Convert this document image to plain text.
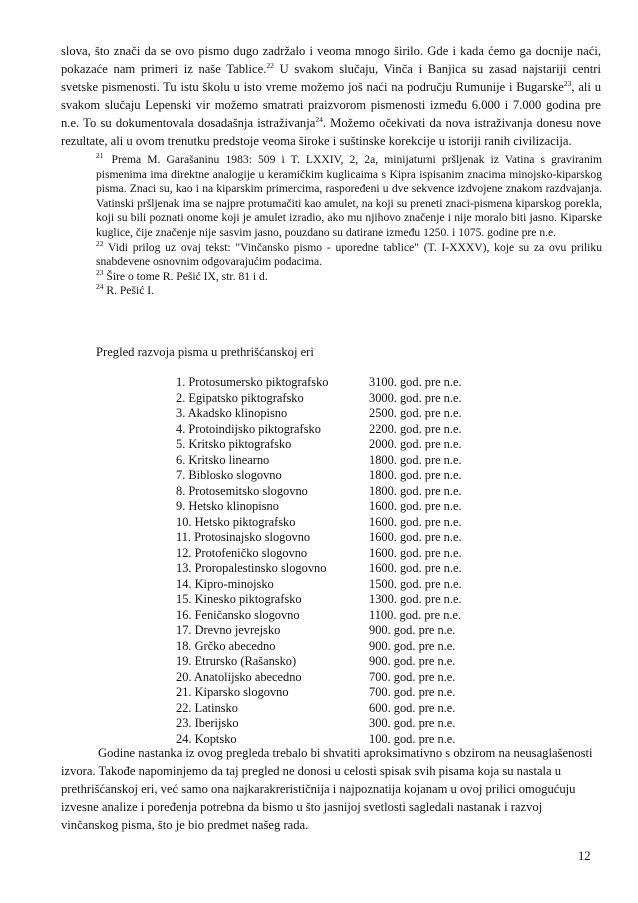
slova, što znači da se ovo pismo dugo zadržalo i veoma mnogo širilo. Gde i kada ćemo ga docnije naći, pokazaće nam primeri iz naše Tablice.$^{22}$ U svakom slučaju, Vinča i Banjica su zasad najstariji centri svetske pismenosti. Tu istu školu u isto vreme možemo još naći na području Rumunije i Bugarske$^{23}$, ali u svakom slučaju Lepenski vir možemo smatrati praizvorom pismenosti između 6.000 i 7.000 godina pre n.e. To su dokumentovala dosadašnja istraživanja$^{24}$. Možemo očekivati da nova istraživanja donesu nove rezultate, ali u ovom trenutku predstoje veoma široke i suštinske korekcije u istoriji ranih civilizacija.

$^{21}$ Prema M. Garašaninu 1983: 509 i T. LXXIV, 2, 2a, minijaturni pršljenak iz Vatina s graviranim pismenima ima direktne analogije u keramičkim kuglicaima s Kipra ispisanim znacima minojsko-kiparskog pisma. Znaci su, kao i na kiparskim primercima, raspoređeni u dve sekvence izdvojene znakom razdvajanja. Vatinski pršljenak ima se najpre protumačiti kao amulet, na koji su preneti znaci-pismena kiparskog porekla, koji su bili poznati onome koji je amulet izradio, ako mu njihovo značenje i nije moralo biti jasno. Kiparske kuglice, čije značenje nije sasvim jasno, pouzdano su datirane između 1250. i 1075. godine pre n.e.

$^{22}$ Vidi prilog uz ovaj tekst: "Vinčansko pismo - uporedne tablice" (T. I-XXXV), koje su za ovu priliku snabdevene osnovnim odgovarajućim podacima.

$^{23}$ Šire o tome R. Pešić IX, str. 81 i d.

$^{24}$ R. Pešić I.

Pregled razvoja pisma u prethrišćanskoj eri
1. Protosumersko piktografsko	3100. god. pre n.e.
2. Egipatsko piktografsko	3000. god. pre n.e.
3. Akadsko klinopisno	2500. god. pre n.e.
4. Protoindijsko piktografsko	2200. god. pre n.e.
5. Kritsko piktografsko	2000. god. pre n.e.
6. Kritsko linearno	1800. god. pre n.e.
7. Biblosko slogovno	1800. god. pre n.e.
8. Protosemitsko slogovno	1800. god. pre n.e.
9. Hetsko klinopisno	1600. god. pre n.e.
10. Hetsko piktografsko	1600. god. pre n.e.
11. Protosinajsko slogovno	1600. god. pre n.e.
12. Protofeničko slogovno	1600. god. pre n.e.
13. Proropalestinsko slogovno	1600. god. pre n.e.
14. Kipro-minojsko	1500. god. pre n.e.
15. Kinesko piktografsko	1300. god. pre n.e.
16. Feničansko slogovno	1100. god. pre n.e.
17. Drevno jevrejsko	900. god. pre n.e.
18. Grčko abecedno	900. god. pre n.e.
19. Etrursko (Rašansko)	900. god. pre n.e.
20. Anatolijsko abecedno	700. god. pre n.e.
21. Kiparsko slogovno	700. god. pre n.e.
22. Latinsko	600. god. pre n.e.
23. Iberijsko	300. god. pre n.e.
24. Koptsko	100. god. pre n.e.

Godine nastanka iz ovog pregleda trebalo bi shvatiti aproksimativno s obzirom na neusaglašenosti izvora. Takođe napominjemo da taj pregled ne donosi u celosti spisak svih pisama koja su nastala u prethrišćanskoj eri, već samo ona najkarakrerističnija i najpoznatija kojanam u ovoj prilici omogućuju izvesne analize i poređenja potrebna da bismo u što jasnijoj svetlosti sagledali nastanak i razvoj vinčanskog pisma, što je bio predmet našeg rada.

12
